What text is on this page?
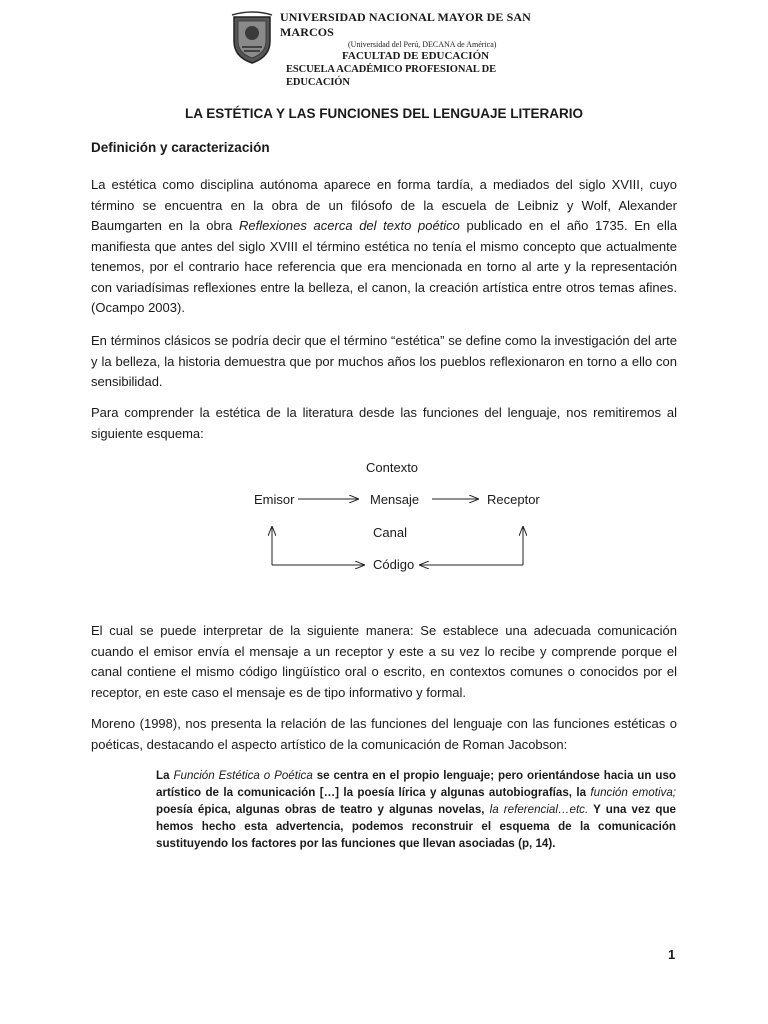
UNIVERSIDAD NACIONAL MAYOR DE SAN MARCOS
(Universidad del Perú, DECANA de América)
FACULTAD DE EDUCACIÓN
ESCUELA ACADÉMICO PROFESIONAL DE EDUCACIÓN
LA ESTÉTICA Y LAS FUNCIONES DEL LENGUAJE LITERARIO
Definición y caracterización
La estética como disciplina autónoma aparece en forma tardía, a mediados del siglo XVIII, cuyo término se encuentra en la obra de un filósofo de la escuela de Leibniz y Wolf, Alexander Baumgarten en la obra Reflexiones acerca del texto poético publicado en el año 1735. En ella manifiesta que antes del siglo XVIII el término estética no tenía el mismo concepto que actualmente tenemos, por el contrario hace referencia que era mencionada en torno al arte y la representación con variadísimas reflexiones entre la belleza, el canon, la creación artística entre otros temas afines. (Ocampo 2003).
En términos clásicos se podría decir que el término “estética” se define como la investigación del arte y la belleza, la historia demuestra que por muchos años los pueblos reflexionaron en torno a ello con sensibilidad.
Para comprender la estética de la literatura desde las funciones del lenguaje, nos remitiremos al siguiente esquema:
Contexto
Emisor	Mensaje	Receptor
Canal
Código
El cual se puede interpretar de la siguiente manera: Se establece una adecuada comunicación cuando el emisor envía el mensaje a un receptor y este a su vez lo recibe y comprende porque el canal contiene el mismo código lingüístico oral o escrito, en contextos comunes o conocidos por el receptor, en este caso el mensaje es de tipo informativo y formal.
Moreno (1998), nos presenta la relación de las funciones del lenguaje con las funciones estéticas o poéticas, destacando el aspecto artístico de la comunicación de Roman Jacobson:
La Función Estética o Poética se centra en el propio lenguaje; pero orientándose hacia un uso artístico de la comunicación […] la poesía lírica y algunas autobiografías, la función emotiva; poesía épica, algunas obras de teatro y algunas novelas, la referencial…etc. Y una vez que hemos hecho esta advertencia, podemos reconstruir el esquema de la comunicación sustituyendo los factores por las funciones que llevan asociadas (p, 14).
1
